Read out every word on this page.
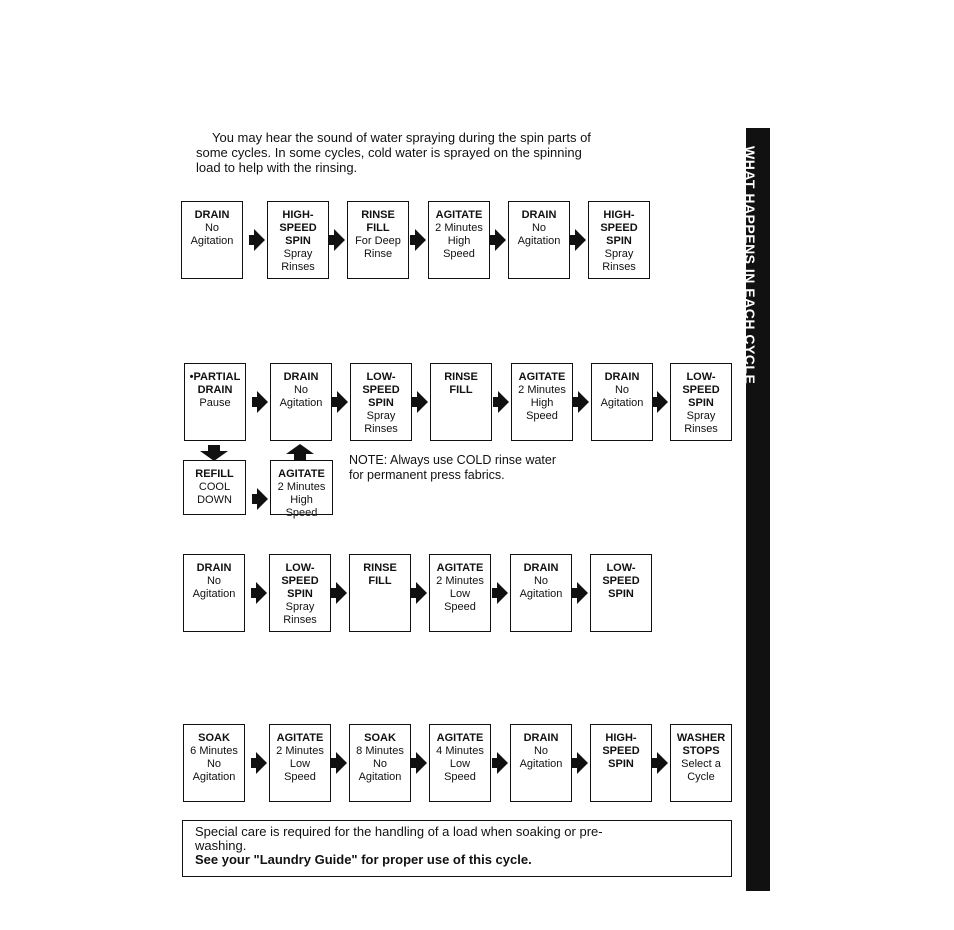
You may hear the sound of water spraying during the spin parts of
some cycles. In some cycles, cold water is sprayed on the spinning
load to help with the rinsing.
DRAIN
No
Agitation
HIGH-
SPEED
SPIN
Spray
Rinses
RINSE
FILL
For Deep
Rinse
AGITATE
2 Minutes
High
Speed
DRAIN
No
Agitation
HIGH-
SPEED
SPIN
Spray
Rinses
•PARTIAL
DRAIN
Pause
DRAIN
No
Agitation
LOW-
SPEED
SPIN
Spray
Rinses
RINSE
FILL
AGITATE
2 Minutes
High
Speed
DRAIN
No
Agitation
LOW-
SPEED
SPIN
Spray
Rinses
DRAIN
No
Agitation
LOW-
SPEED
SPIN
Spray
Rinses
RINSE
FILL
AGITATE
2 Minutes
Low
Speed
DRAIN
No
Agitation
LOW-
SPEED
SPIN
SOAK
6 Minutes
No
Agitation
AGITATE
2 Minutes
Low
Speed
SOAK
8 Minutes
No
Agitation
AGITATE
4 Minutes
Low
Speed
DRAIN
No
Agitation
HIGH-
SPEED
SPIN
WASHER
STOPS
Select a
Cycle
REFILL
COOL
DOWN
AGITATE
2 Minutes
High
Speed
NOTE: Always use COLD rinse water
for permanent press fabrics.
Special care is required for the handling of a load when soaking or pre-
washing.
See your "Laundry Guide" for proper use of this cycle.
WHAT HAPPENS IN EACH CYCLE
